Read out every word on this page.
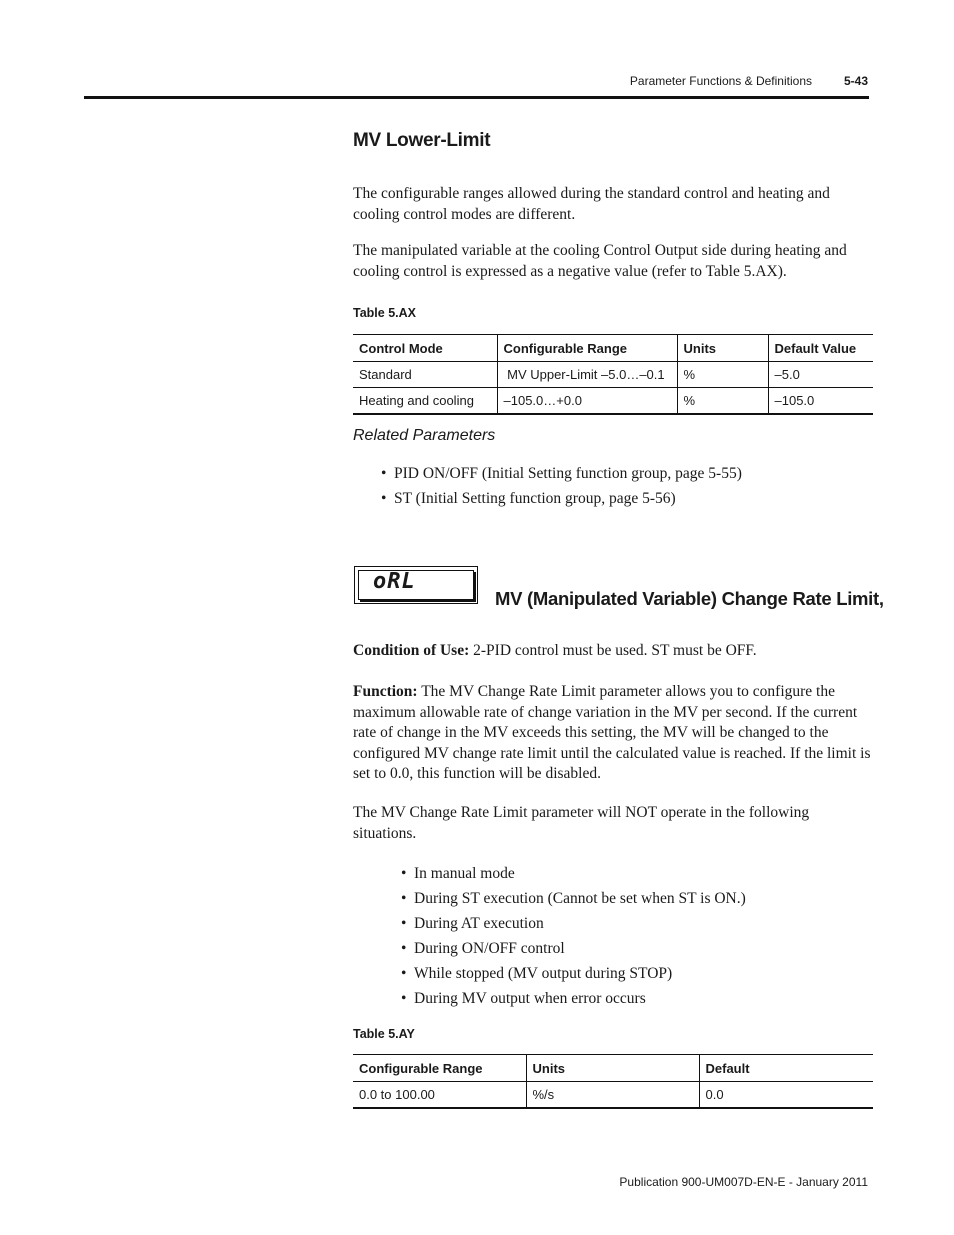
Parameter Functions & Definitions	5-43
MV Lower-Limit

The configurable ranges allowed during the standard control and heating and cooling control modes are different.

The manipulated variable at the cooling Control Output side during heating and cooling control is expressed as a negative value (refer to Table 5.AX).

Table 5.AX
Control Mode	Configurable Range	Units	Default Value
Standard	MV Upper-Limit –5.0…–0.1	%	–5.0
Heating and cooling	–105.0…+0.0	%	–105.0
Related Parameters
• PID ON/OFF (Initial Setting function group, page 5-55)
• ST (Initial Setting function group, page 5-56)
oRL
MV (Manipulated Variable) Change Rate Limit,

Condition of Use: 2-PID control must be used. ST must be OFF.

Function: The MV Change Rate Limit parameter allows you to configure the maximum allowable rate of change variation in the MV per second. If the current rate of change in the MV exceeds this setting, the MV will be changed to the configured MV change rate limit until the calculated value is reached. If the limit is set to 0.0, this function will be disabled.

The MV Change Rate Limit parameter will NOT operate in the following situations.

• In manual mode
• During ST execution (Cannot be set when ST is ON.)
• During AT execution
• During ON/OFF control
• While stopped (MV output during STOP)
• During MV output when error occurs
Table 5.AY
Configurable Range	Units	Default
0.0 to 100.00	%/s	0.0
Publication 900-UM007D-EN-E - January 2011
